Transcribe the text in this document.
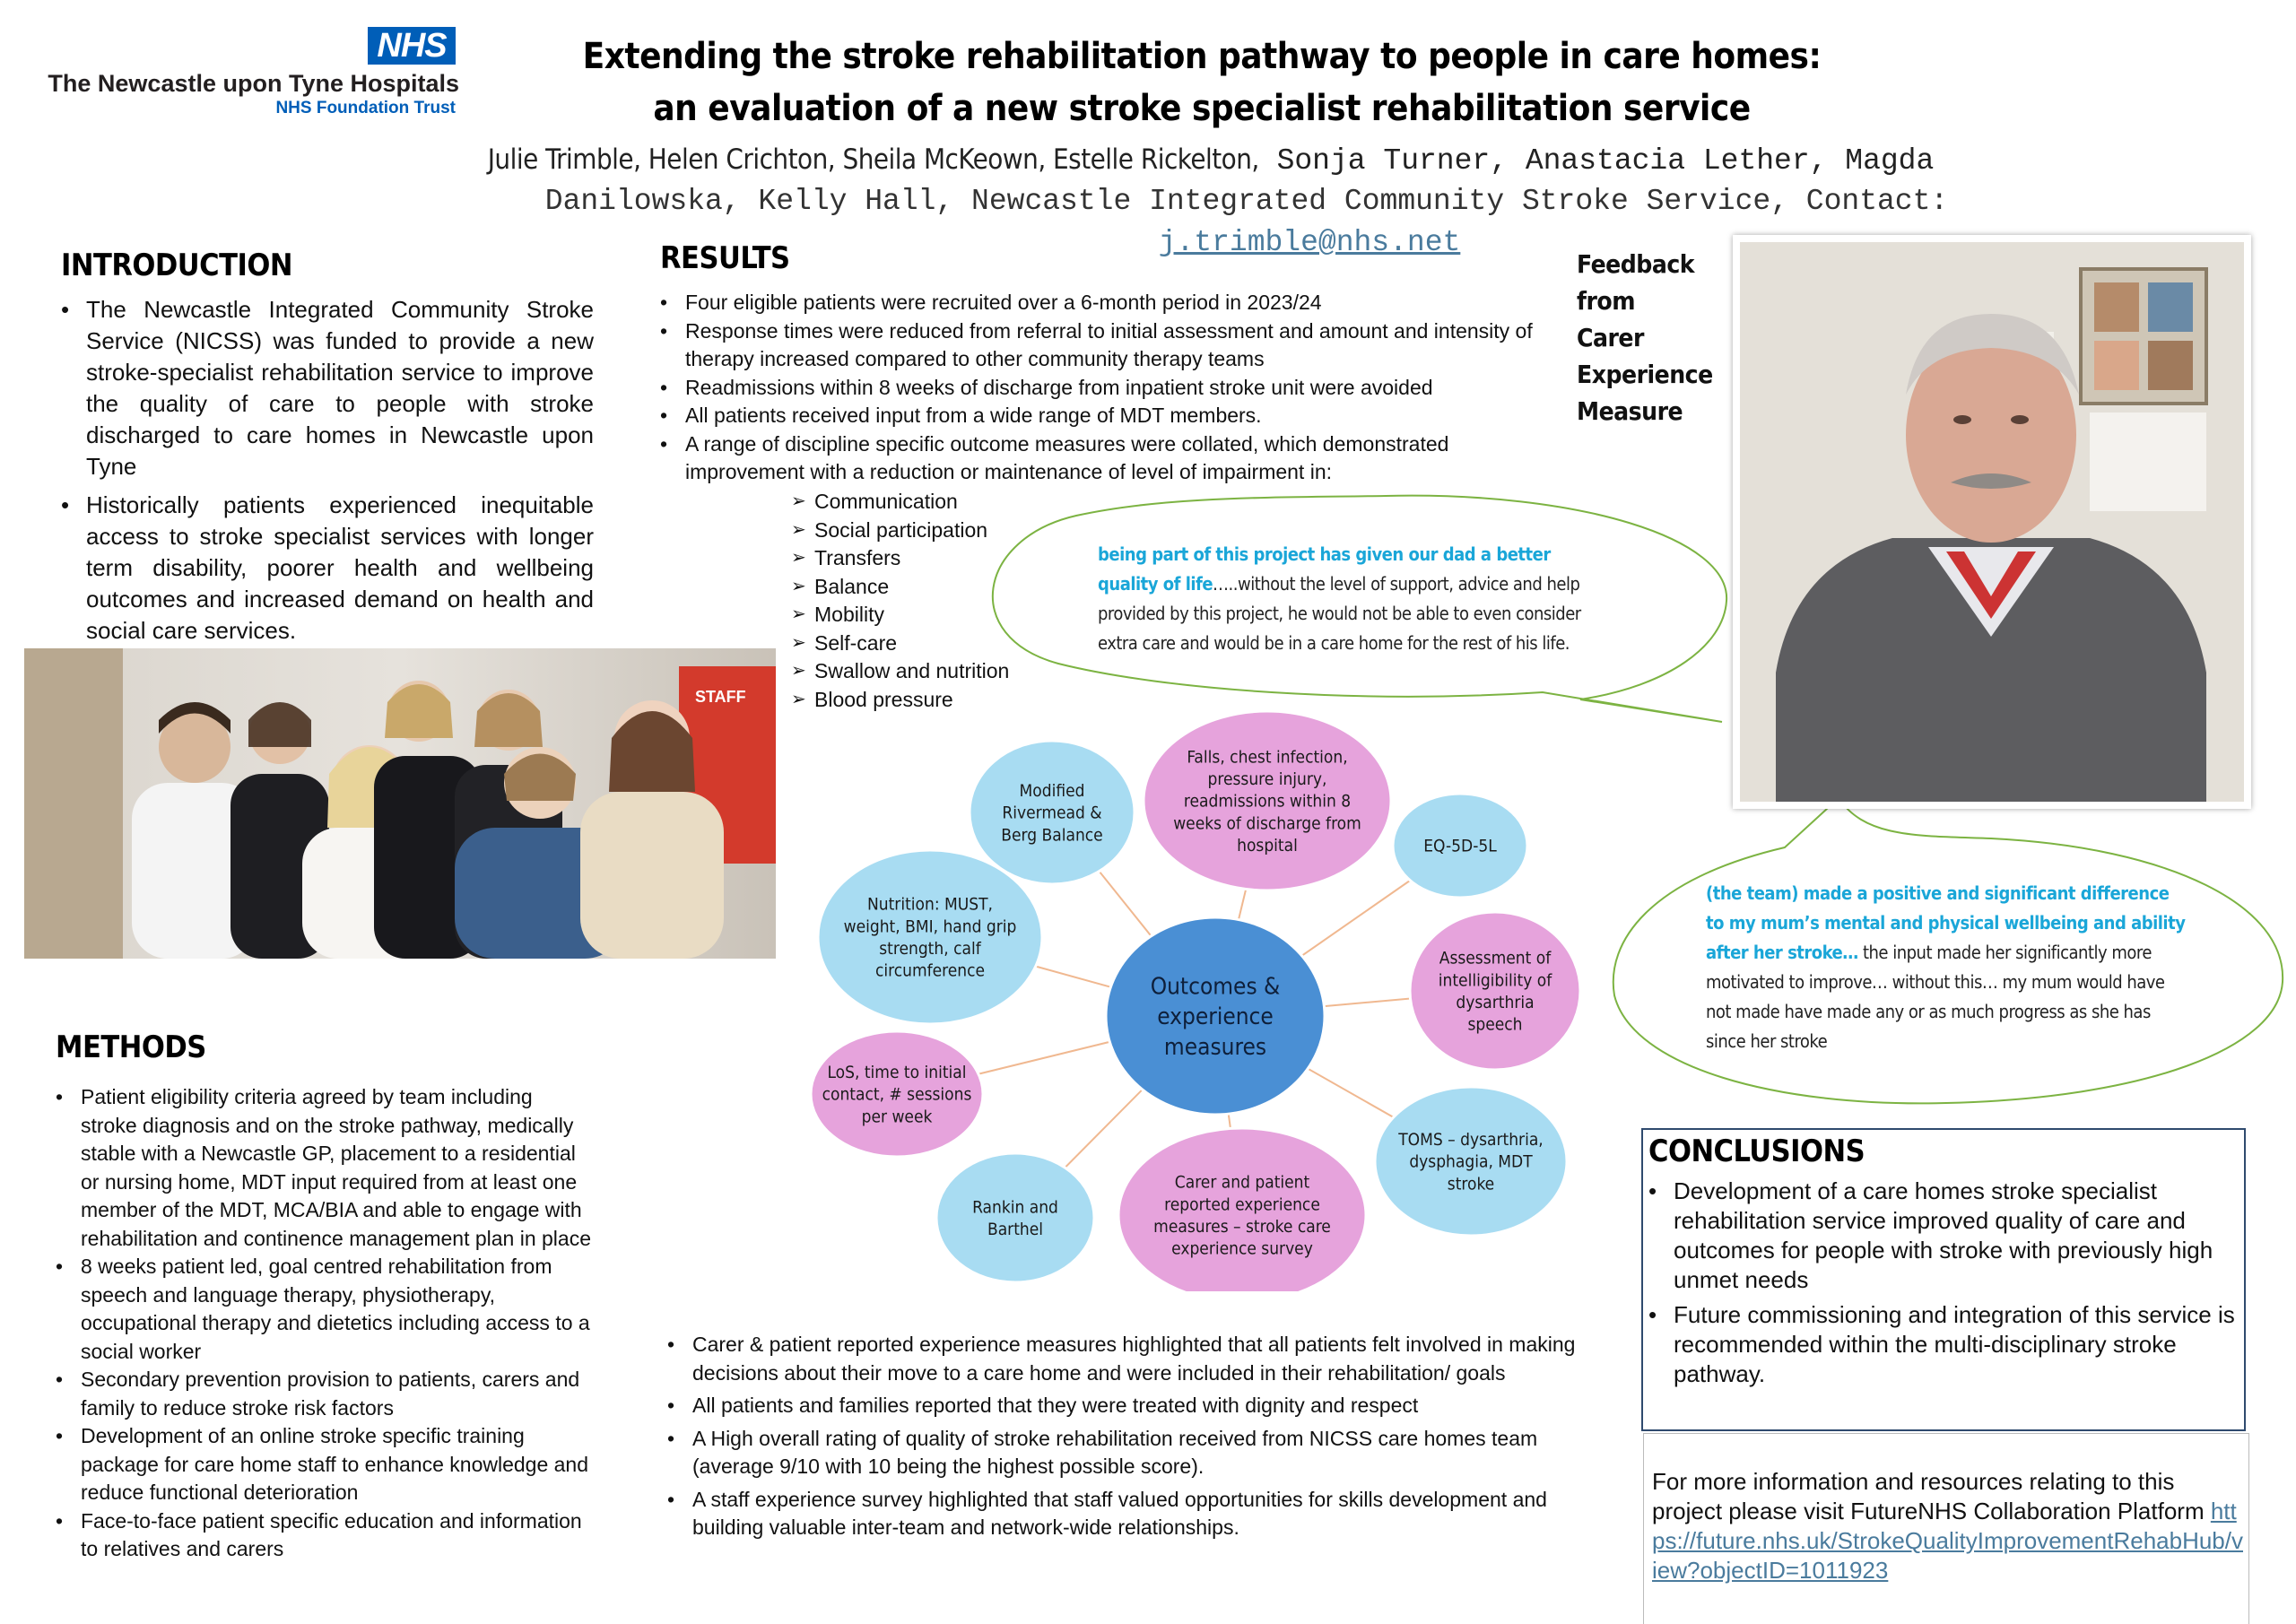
NHS
The Newcastle upon Tyne Hospitals
NHS Foundation Trust
Extending the stroke rehabilitation pathway to people in care homes:
an evaluation of a new stroke specialist rehabilitation service
Julie Trimble, Helen Crichton, Sheila McKeown, Estelle Rickelton, Sonja Turner, Anastacia Lether, Magda
Danilowska, Kelly Hall, Newcastle Integrated Community Stroke Service, Contact:
j.trimble@nhs.net
INTRODUCTION
• The Newcastle Integrated Community Stroke Service (NICSS) was funded to provide a new stroke-specialist rehabilitation service to improve the quality of care to people with stroke discharged to care homes in Newcastle upon Tyne
• Historically patients experienced inequitable access to stroke specialist services with longer term disability, poorer health and wellbeing outcomes and increased demand on health and social care services.
STAFF
METHODS
• Patient eligibility criteria agreed by team including stroke diagnosis and on the stroke pathway, medically stable with a Newcastle GP, placement to a residential or nursing home, MDT input required from at least one member of the MDT, MCA/BIA and able to engage with rehabilitation and continence management plan in place
• 8 weeks patient led, goal centred rehabilitation from speech and language therapy, physiotherapy, occupational therapy and dietetics including access to a social worker
• Secondary prevention provision to patients, carers and family to reduce stroke risk factors
• Development of an online stroke specific training package for care home staff to enhance knowledge and reduce functional deterioration
• Face-to-face patient specific education and information to relatives and carers
RESULTS
• Four eligible patients were recruited over a 6-month period in 2023/24
• Response times were reduced from referral to initial assessment and amount and intensity of therapy increased compared to other community therapy teams
• Readmissions within 8 weeks of discharge from inpatient stroke unit were avoided
• All patients received input from a wide range of MDT members.
• A range of discipline specific outcome measures were collated, which demonstrated improvement with a reduction or maintenance of level of impairment in:
➢ Communication
➢ Social participation
➢ Transfers
➢ Balance
➢ Mobility
➢ Self-care
➢ Swallow and nutrition
➢ Blood pressure
Modified
Rivermead &
Berg Balance
Falls, chest infection,
pressure injury,
readmissions within 8
weeks of discharge from
hospital	EQ-5D-5L
Assessment of
intelligibility of
dysarthria
speech
TOMS – dysarthria,
dysphagia, MDT
stroke
Carer and patient
reported experience
measures – stroke care
experience survey
Rankin and
Barthel
LoS, time to initial
contact, # sessions
per week
Nutrition: MUST,
weight, BMI, hand grip
strength, calf
circumference
Outcomes &
experience
measures
being part of this project has given our dad a better quality of life…..without the level of support, advice and help provided by this project, he would not be able to even consider extra care and would be in a care home for the rest of his life.
(the team) made a positive and significant difference to my mum’s mental and physical wellbeing and ability after her stroke… the input made her significantly more motivated to improve… without this… my mum would have not made have made any or as much progress as she has since her stroke
Feedback from
Carer
Experience
Measure
• Carer & patient reported experience measures highlighted that all patients felt involved in making decisions about their move to a care home and were included in their rehabilitation/ goals
• All patients and families reported that they were treated with dignity and respect
• A High overall rating of quality of stroke rehabilitation received from NICSS care homes team (average 9/10 with 10 being the highest possible score).
• A staff experience survey highlighted that staff valued opportunities for skills development and building valuable inter-team and network-wide relationships.
CONCLUSIONS
• Development of a care homes stroke specialist rehabilitation service improved quality of care and outcomes for people with stroke with previously high unmet needs
• Future commissioning and integration of this service is recommended within the multi-disciplinary stroke pathway.
For more information and resources relating to this project please visit FutureNHS Collaboration Platform https://future.nhs.uk/StrokeQualityImprovementRehabHub/view?objectID=1011923
